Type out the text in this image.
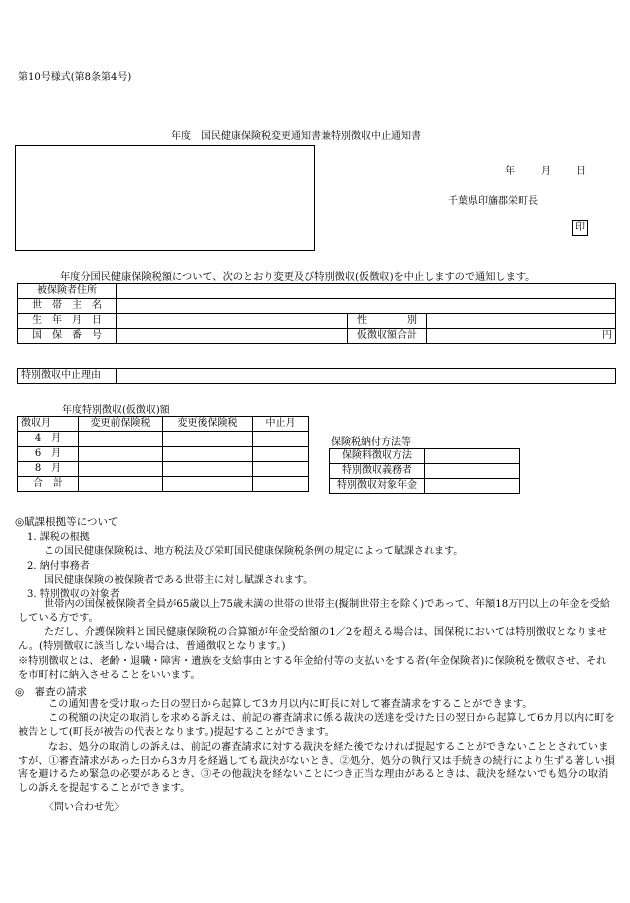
第10号様式(第8条第4号)
年度　国民健康保険税変更通知書兼特別徴収中止通知書
年	月	日
千葉県印旛郡栄町長
印
年度分国民健康保険税額について、次のとおり変更及び特別徴収(仮徴収)を中止しますので通知します。
被保険者住所			
世　帯　主　名			
生　年　月　日		性　　　　別	
国　保　番　号		仮徴収額合計	円
特別徴収中止理由	
年度特別徴収(仮徴収)額
徴収月	変更前保険税	変更後保険税	中止月
4　月			
6　月			
8　月			
合　計			
保険税納付方法等
保険料徴収方法	
特別徴収義務者	
特別徴収対象年金	
◎賦課根拠等について
1. 課税の根拠
この国民健康保険税は、地方税法及び栄町国民健康保険税条例の規定によって賦課されます。
2. 納付事務者
国民健康保険の被保険者である世帯主に対し賦課されます。
3. 特別徴収の対象者
世帯内の国保被保険者全員が65歳以上75歳未満の世帯の世帯主(擬制世帯主を除く)であって、年額18万円以上の年金を受給している方です。
ただし、介護保険料と国民健康保険税の合算額が年金受給額の1／2を超える場合は、国保税においては特別徴収となりません。(特別徴収に該当しない場合は、普通徴収となります。)
※特別徴収とは、老齢・退職・障害・遺族を支給事由とする年金給付等の支払いをする者(年金保険者)に保険税を徴収させ、それを市町村に納入させることをいいます。
◎　審査の請求
この通知書を受け取った日の翌日から起算して3カ月以内に町長に対して審査請求をすることができます。
この税額の決定の取消しを求める訴えは、前記の審査請求に係る裁決の送達を受けた日の翌日から起算して6カ月以内に町を被告として(町長が被告の代表となります。)提起することができます。
なお、処分の取消しの訴えは、前記の審査請求に対する裁決を経た後でなければ提起することができないこととされていますが、①審査請求があった日から3カ月を経過しても裁決がないとき、②処分、処分の執行又は手続きの続行により生ずる著しい損害を避けるため緊急の必要があるとき、③その他裁決を経ないことにつき正当な理由があるときは、裁決を経ないでも処分の取消しの訴えを提起することができます。
〈問い合わせ先〉
